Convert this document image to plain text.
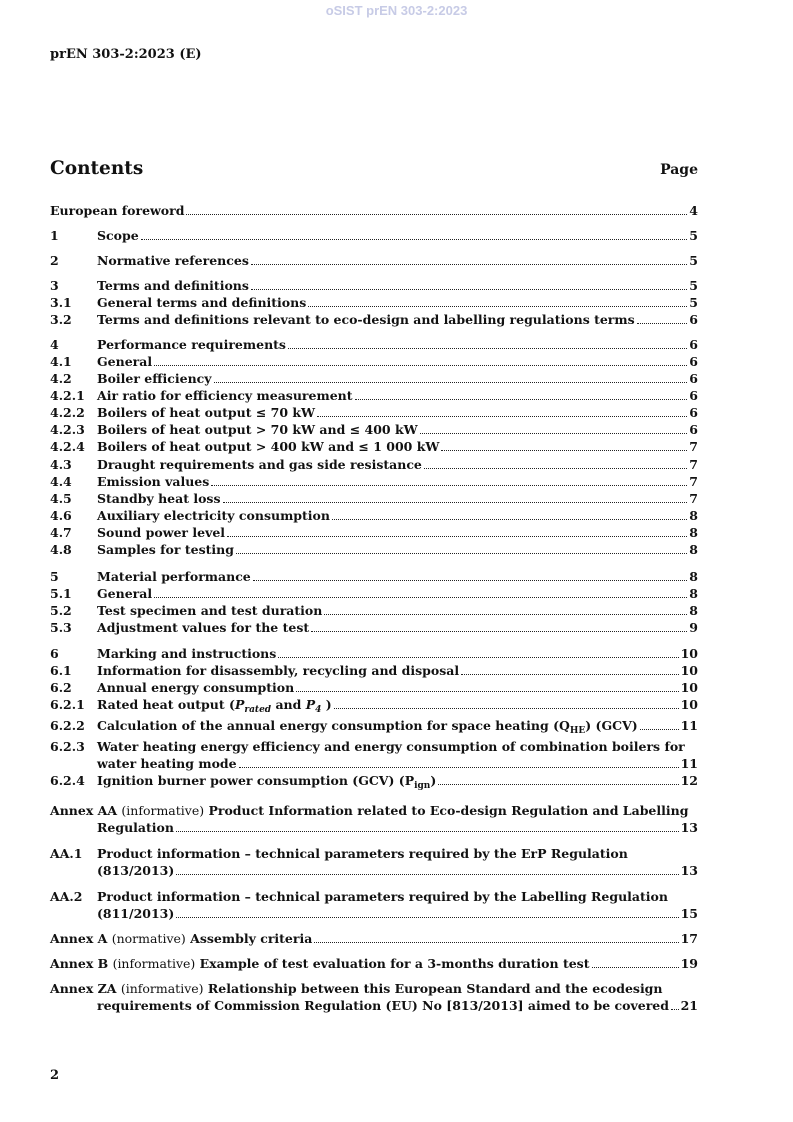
oSIST prEN 303-2:2023
prEN 303-2:2023 (E)
Contents	Page
European foreword	4
1	Scope	5
2	Normative references	5
3	Terms and definitions	5
3.1	General terms and definitions	5
3.2	Terms and definitions relevant to eco-design and labelling regulations terms	6
4	Performance requirements	6
4.1	General	6
4.2	Boiler efficiency	6
4.2.1 Air ratio for efficiency measurement	6
4.2.2 Boilers of heat output ≤ 70 kW	6
4.2.3 Boilers of heat output > 70 kW and ≤ 400 kW	6
4.2.4 Boilers of heat output > 400 kW and ≤ 1 000 kW	7
4.3	Draught requirements and gas side resistance	7
4.4	Emission values	7
4.5	Standby heat loss	7
4.6	Auxiliary electricity consumption	8
4.7	Sound power level	8
4.8	Samples for testing	8
5	Material performance	8
5.1	General	8
5.2	Test specimen and test duration	8
5.3	Adjustment values for the test	9
6	Marking and instructions	10
6.1	Information for disassembly, recycling and disposal	10
6.2	Annual energy consumption	10
6.2.1 Rated heat output ($P_{rated}$ and $P_4$ )	10
6.2.2 Calculation of the annual energy consumption for space heating $(Q_{HE})$ (GCV)	11
6.2.3 Water heating energy efficiency and energy consumption of combination boilers for
water heating mode	11
6.2.4 Ignition burner power consumption (GCV) $(P_{ign})$	12
Annex AA (informative) Product Information related to Eco-design Regulation and Labelling
Regulation	13
AA.1	Product information – technical parameters required by the ErP Regulation
(813/2013)	13
AA.2	Product information – technical parameters required by the Labelling Regulation
(811/2013)	15
Annex A (normative) Assembly criteria	17
Annex B (informative) Example of test evaluation for a 3-months duration test	19
Annex ZA (informative) Relationship between this European Standard and the ecodesign
requirements of Commission Regulation (EU) No [813/2013] aimed to be covered 21
2
